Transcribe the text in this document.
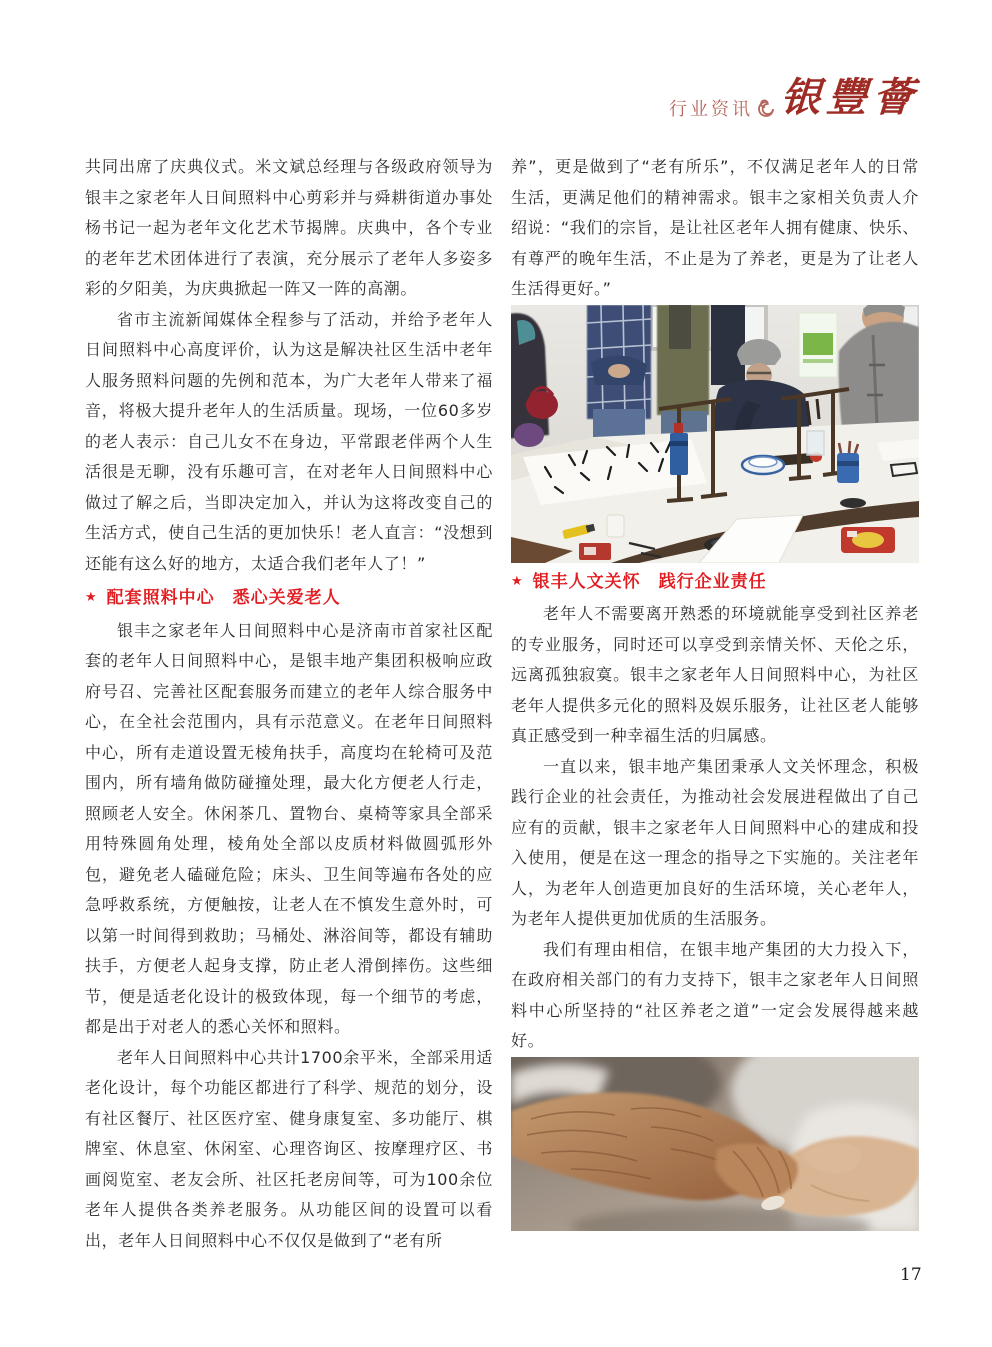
行业资讯 银豐薈

共同出席了庆典仪式。米文斌总经理与各级政府领导为银丰之家老年人日间照料中心剪彩并与舜耕街道办事处杨书记一起为老年文化艺术节揭牌。庆典中，各个专业的老年艺术团体进行了表演，充分展示了老年人多姿多彩的夕阳美，为庆典掀起一阵又一阵的高潮。

省市主流新闻媒体全程参与了活动，并给予老年人日间照料中心高度评价，认为这是解决社区生活中老年人服务照料问题的先例和范本，为广大老年人带来了福音，将极大提升老年人的生活质量。现场，一位60多岁的老人表示：自己儿女不在身边，平常跟老伴两个人生活很是无聊，没有乐趣可言，在对老年人日间照料中心做过了解之后，当即决定加入，并认为这将改变自己的生活方式，使自己生活的更加快乐！老人直言：“没想到还能有这么好的地方，太适合我们老年人了！”

★ 配套照料中心　悉心关爱老人

银丰之家老年人日间照料中心是济南市首家社区配套的老年人日间照料中心，是银丰地产集团积极响应政府号召、完善社区配套服务而建立的老年人综合服务中心，在全社会范围内，具有示范意义。在老年日间照料中心，所有走道设置无棱角扶手，高度均在轮椅可及范围内，所有墙角做防碰撞处理，最大化方便老人行走，照顾老人安全。休闲茶几、置物台、桌椅等家具全部采用特殊圆角处理，棱角处全部以皮质材料做圆弧形外包，避免老人磕碰危险；床头、卫生间等遍布各处的应急呼救系统，方便触按，让老人在不慎发生意外时，可以第一时间得到救助；马桶处、淋浴间等，都设有辅助扶手，方便老人起身支撑，防止老人滑倒摔伤。这些细节，便是适老化设计的极致体现，每一个细节的考虑，都是出于对老人的悉心关怀和照料。

老年人日间照料中心共计1700余平米，全部采用适老化设计，每个功能区都进行了科学、规范的划分，设有社区餐厅、社区医疗室、健身康复室、多功能厅、棋牌室、休息室、休闲室、心理咨询区、按摩理疗区、书画阅览室、老友会所、社区托老房间等，可为100余位老年人提供各类养老服务。从功能区间的设置可以看出，老年人日间照料中心不仅仅是做到了“老有所

养”，更是做到了“老有所乐”，不仅满足老年人的日常生活，更满足他们的精神需求。银丰之家相关负责人介绍说：“我们的宗旨，是让社区老年人拥有健康、快乐、有尊严的晚年生活，不止是为了养老，更是为了让老人生活得更好。”

★ 银丰人文关怀　践行企业责任

老年人不需要离开熟悉的环境就能享受到社区养老的专业服务，同时还可以享受到亲情关怀、天伦之乐，远离孤独寂寞。银丰之家老年人日间照料中心，为社区老年人提供多元化的照料及娱乐服务，让社区老人能够真正感受到一种幸福生活的归属感。

一直以来，银丰地产集团秉承人文关怀理念，积极践行企业的社会责任，为推动社会发展进程做出了自己应有的贡献，银丰之家老年人日间照料中心的建成和投入使用，便是在这一理念的指导之下实施的。关注老年人，为老年人创造更加良好的生活环境，关心老年人，为老年人提供更加优质的生活服务。

我们有理由相信，在银丰地产集团的大力投入下，在政府相关部门的有力支持下，银丰之家老年人日间照料中心所坚持的“社区养老之道”一定会发展得越来越好。

17
